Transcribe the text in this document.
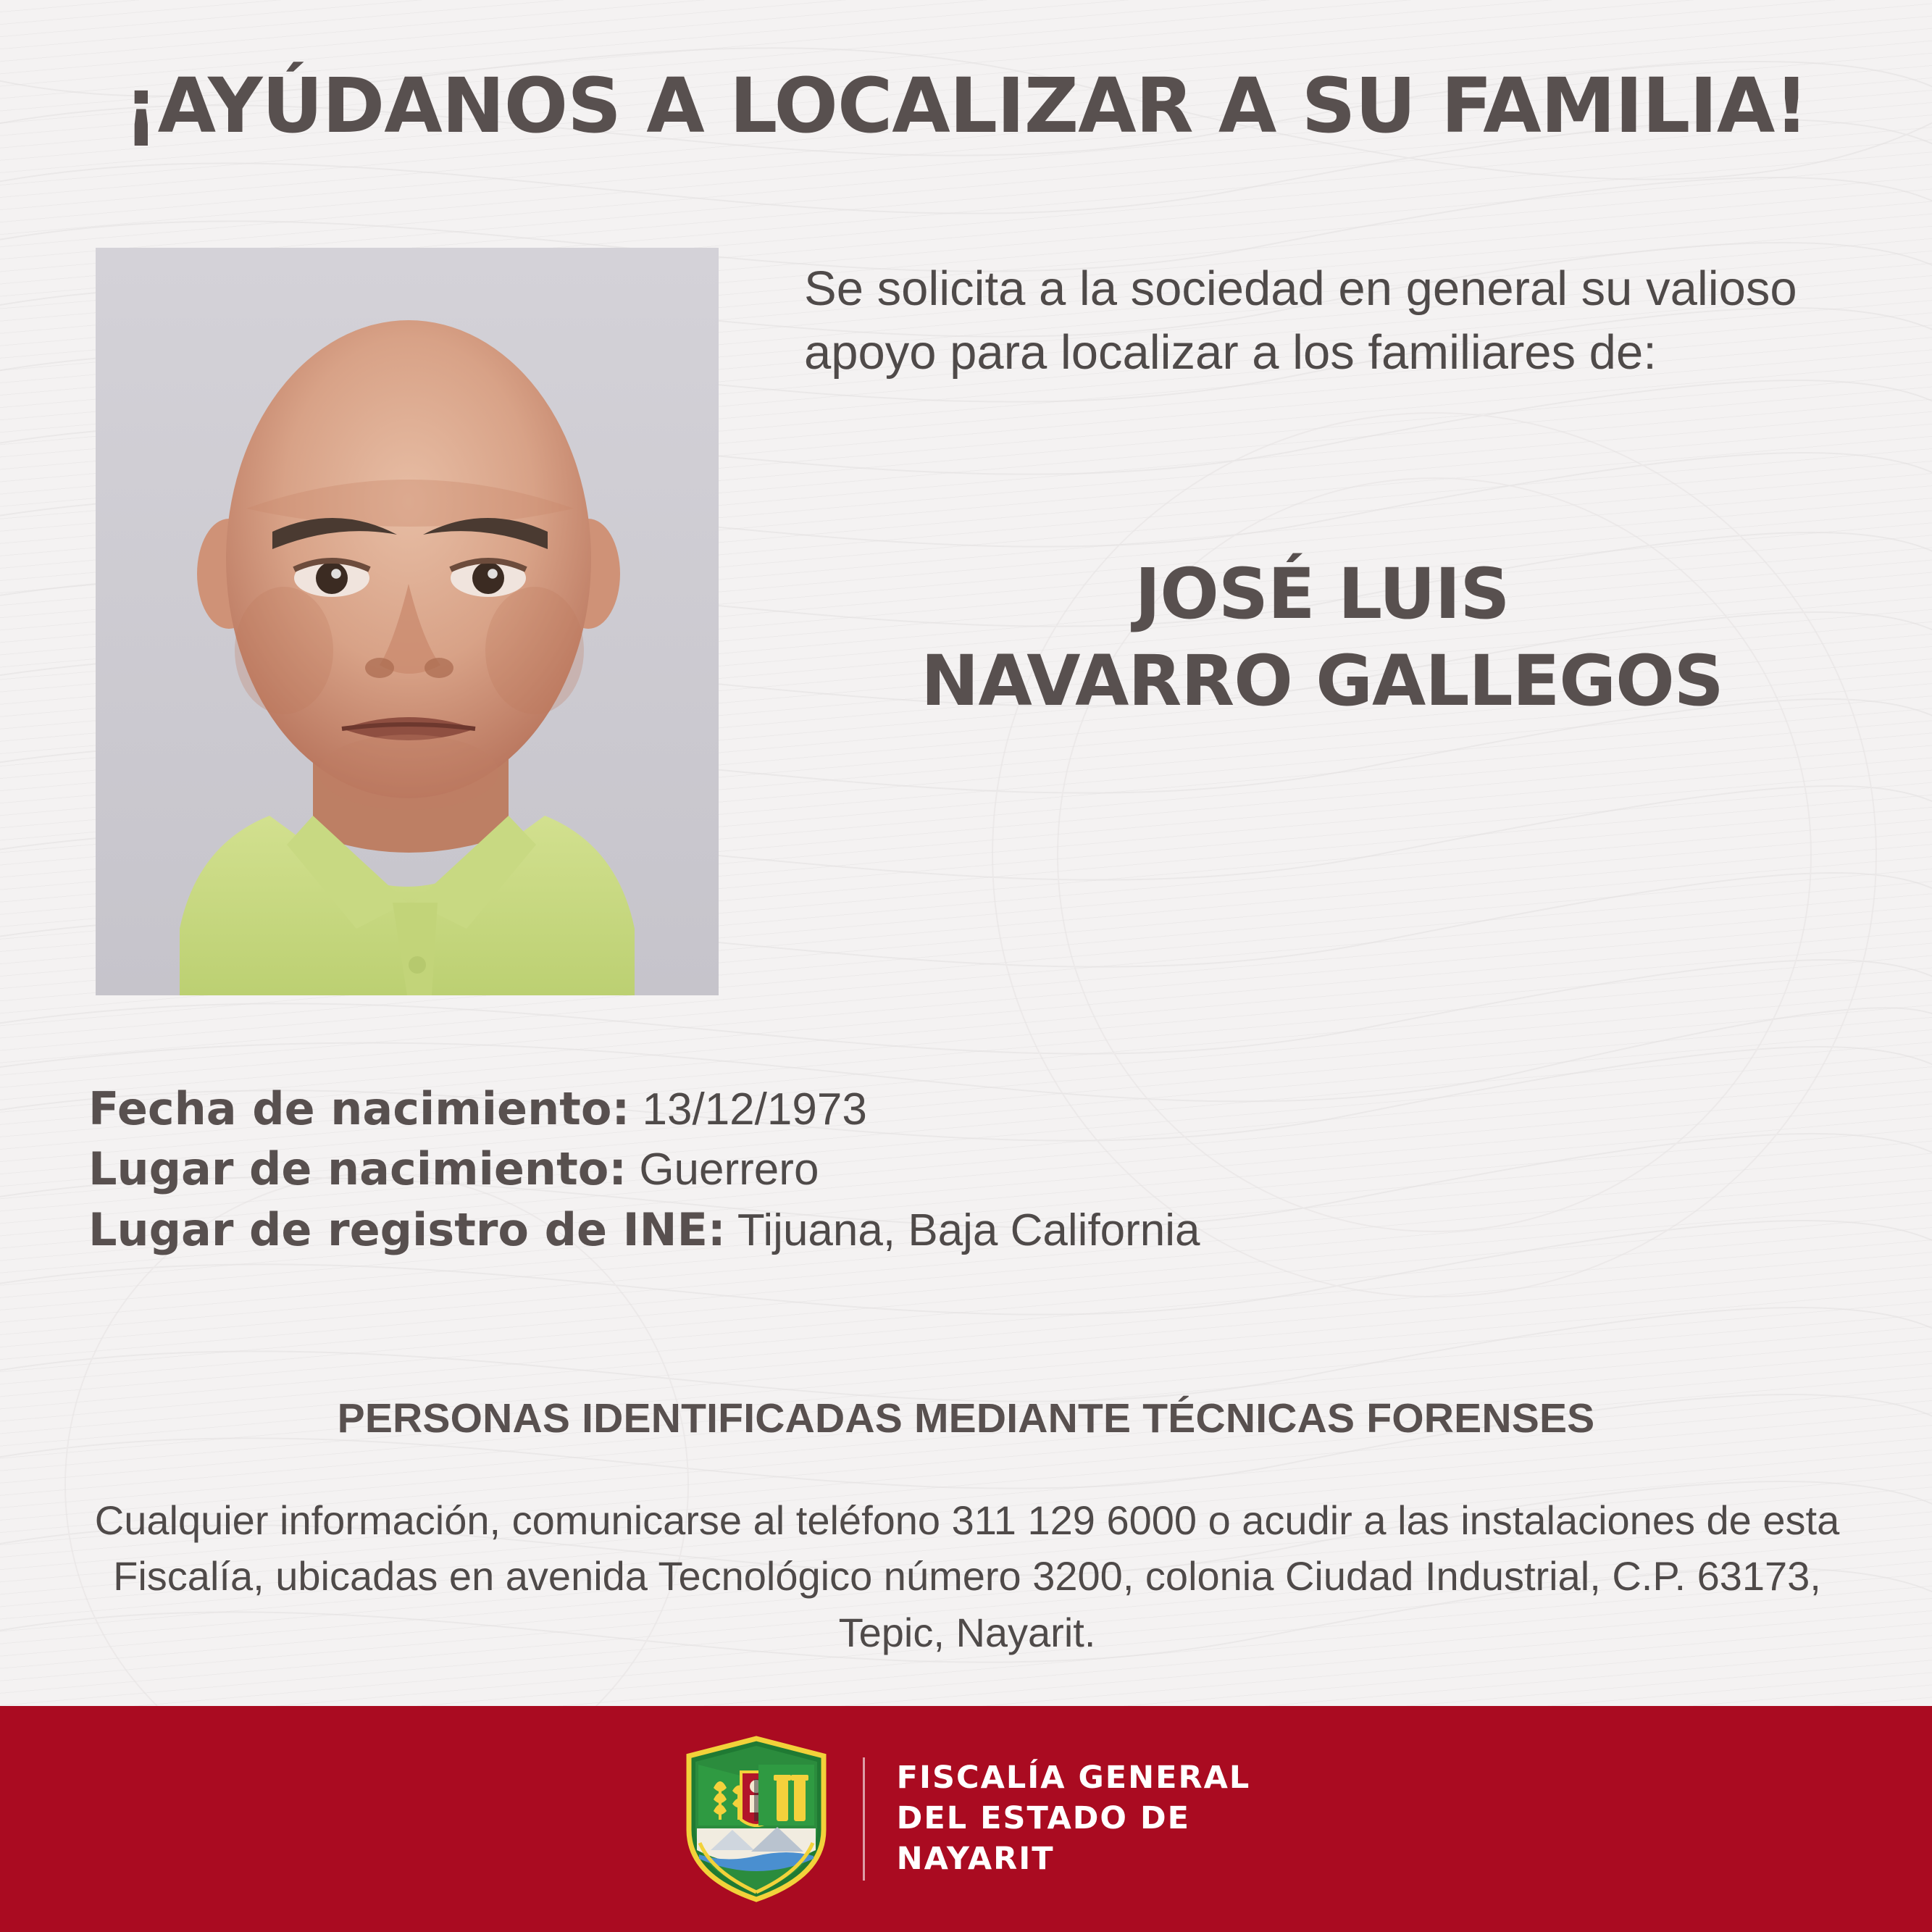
¡AYÚDANOS A LOCALIZAR A SU FAMILIA!
Se solicita a la sociedad en general su valioso apoyo para localizar a los familiares de:
JOSÉ LUIS
NAVARRO GALLEGOS
Fecha de nacimiento: 13/12/1973
Lugar de nacimiento: Guerrero
Lugar de registro de INE: Tijuana, Baja California
PERSONAS IDENTIFICADAS MEDIANTE TÉCNICAS FORENSES
Cualquier información, comunicarse al teléfono 311 129 6000 o acudir a las instalaciones de esta Fiscalía, ubicadas en avenida Tecnológico número 3200, colonia Ciudad Industrial, C.P. 63173, Tepic, Nayarit.
FISCALÍA GENERAL
DEL ESTADO DE
NAYARIT
